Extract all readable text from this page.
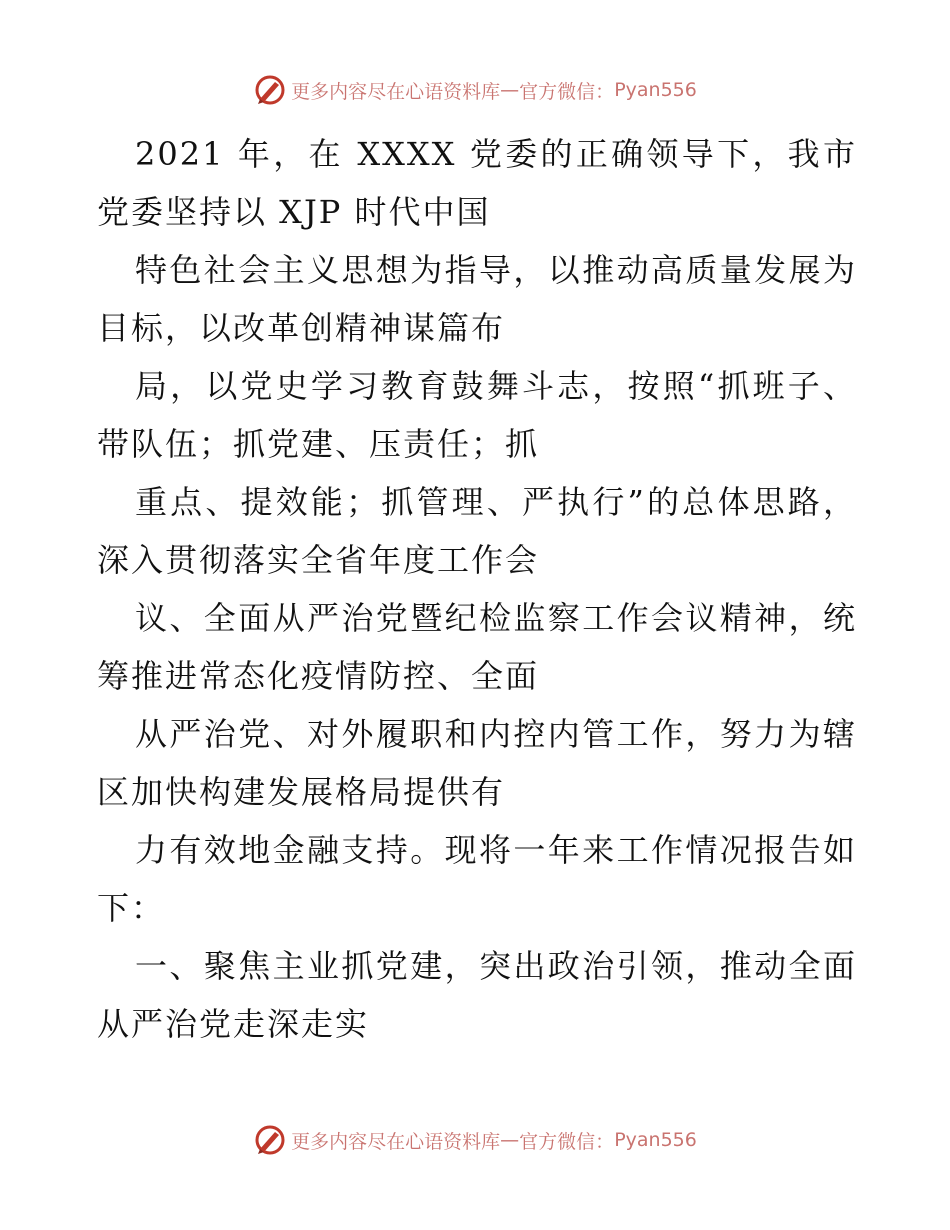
更多内容尽在心语资料库 — 官方微信： Pyan556

2021 年，在 XXXX 党委的正确领导下，我市
党委坚持以 XJP 时代中国
特色社会主义思想为指导，以推动高质量发展为
目标，以改革创精神谋篇布
局，以党史学习教育鼓舞斗志，按照“抓班子、
带队伍；抓党建、压责任；抓
重点、提效能；抓管理、严执行”的总体思路，
深入贯彻落实全省年度工作会
议、全面从严治党暨纪检监察工作会议精神，统
筹推进常态化疫情防控、全面
从严治党、对外履职和内控内管工作，努力为辖
区加快构建发展格局提供有
力有效地金融支持。现将一年来工作情况报告如
下：

一、聚焦主业抓党建，突出政治引领，推动全面
从严治党走深走实

更多内容尽在心语资料库 — 官方微信： Pyan556
